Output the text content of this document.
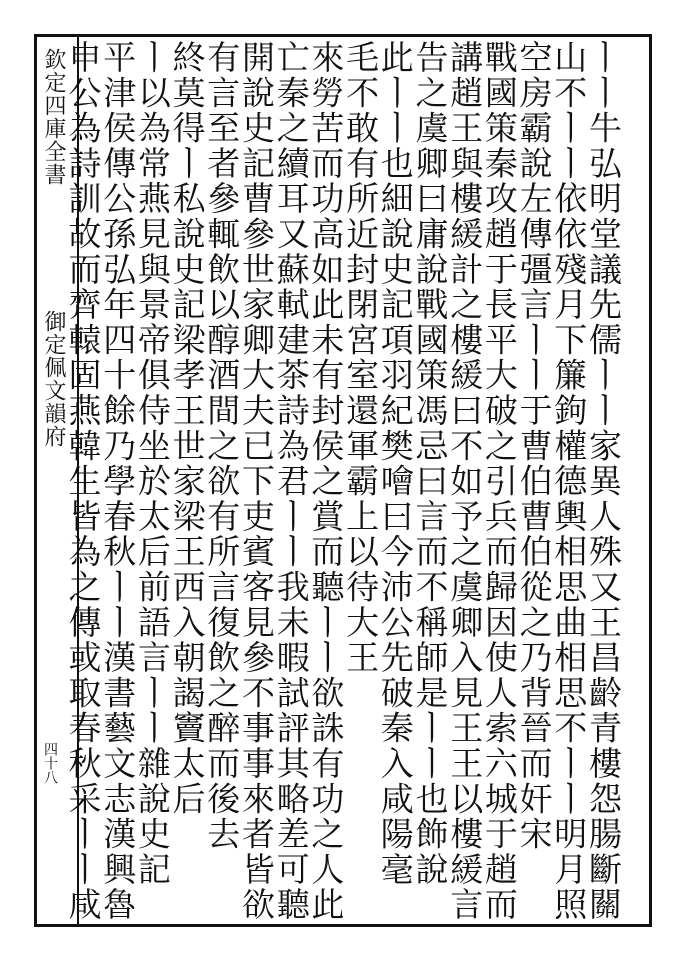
欽定四庫全書
御定佩文韻府
四十八	ㅣㅣ牛弘明堂議先儒ㅣㅣ家異人殊又王昌齡青樓怨腸斷關
山不ㅣㅣ依依殘月下簾鉤權德輿相思曲相思不ㅣㅣ明月照
空房霸說左傳彊言ㅣㅣ于曹伯曹伯從之乃背晉而奸宋
戰國策秦攻趙于長平大破之引兵而歸因使人索六城于趙而
講趙王與樓緩計之樓緩曰不如予之虞卿入見王王以樓緩言
告之虞卿曰庸說戰國策馮忌曰言而不稱師是ㅣㅣ也飾說
此ㅣㅣ也細說史記項羽紀樊噲曰今沛公先破秦入咸陽毫
毛不敢有所近封閉宮室還軍霸上以待大王
來勞苦而功高如此未有封侯之賞而聽ㅣㅣ欲誅有功之人此
亡秦之續耳又蘇軾建茶詩為君ㅣㅣ我未暇試評其略差可聽
開說史記曹參世家卿大夫已下吏賓客見參不事事來者皆欲
有言至者參輒飲以醇酒間之欲有所言復飲之醉而後去
終莫得ㅣ私說史記梁孝王世家梁王西入朝謁竇太后
ㅣ以為常燕見與景帝俱侍坐於太后前語言ㅣㅣ雜說史記
平津侯傳公孫弘年四十餘乃學春秋ㅣㅣ漢書藝文志漢興魯
申公為詩訓故而齊轅固燕韓生皆為之傳或取春秋采ㅣㅣ咸
